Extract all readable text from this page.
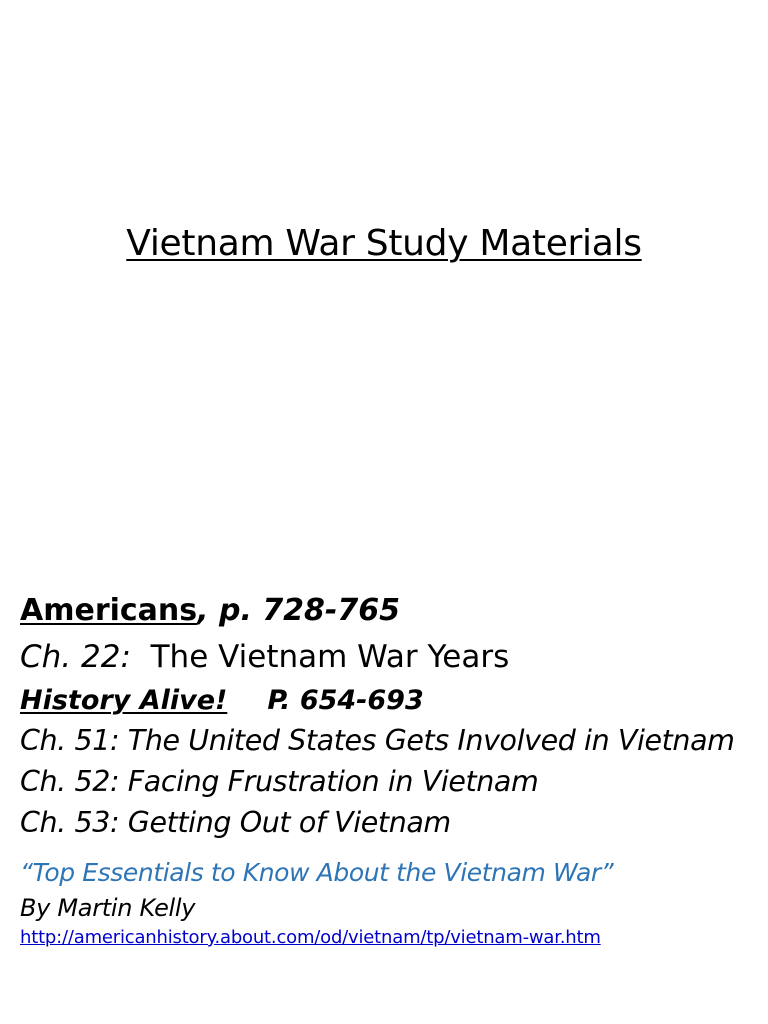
Vietnam War Study Materials
Americans, p. 728-765
Ch. 22:  The Vietnam War Years
History Alive! P. 654-693
Ch. 51: The United States Gets Involved in Vietnam
Ch. 52: Facing Frustration in Vietnam
Ch. 53: Getting Out of Vietnam
“Top Essentials to Know About the Vietnam War”
By Martin Kelly
http://americanhistory.about.com/od/vietnam/tp/vietnam-war.htm
